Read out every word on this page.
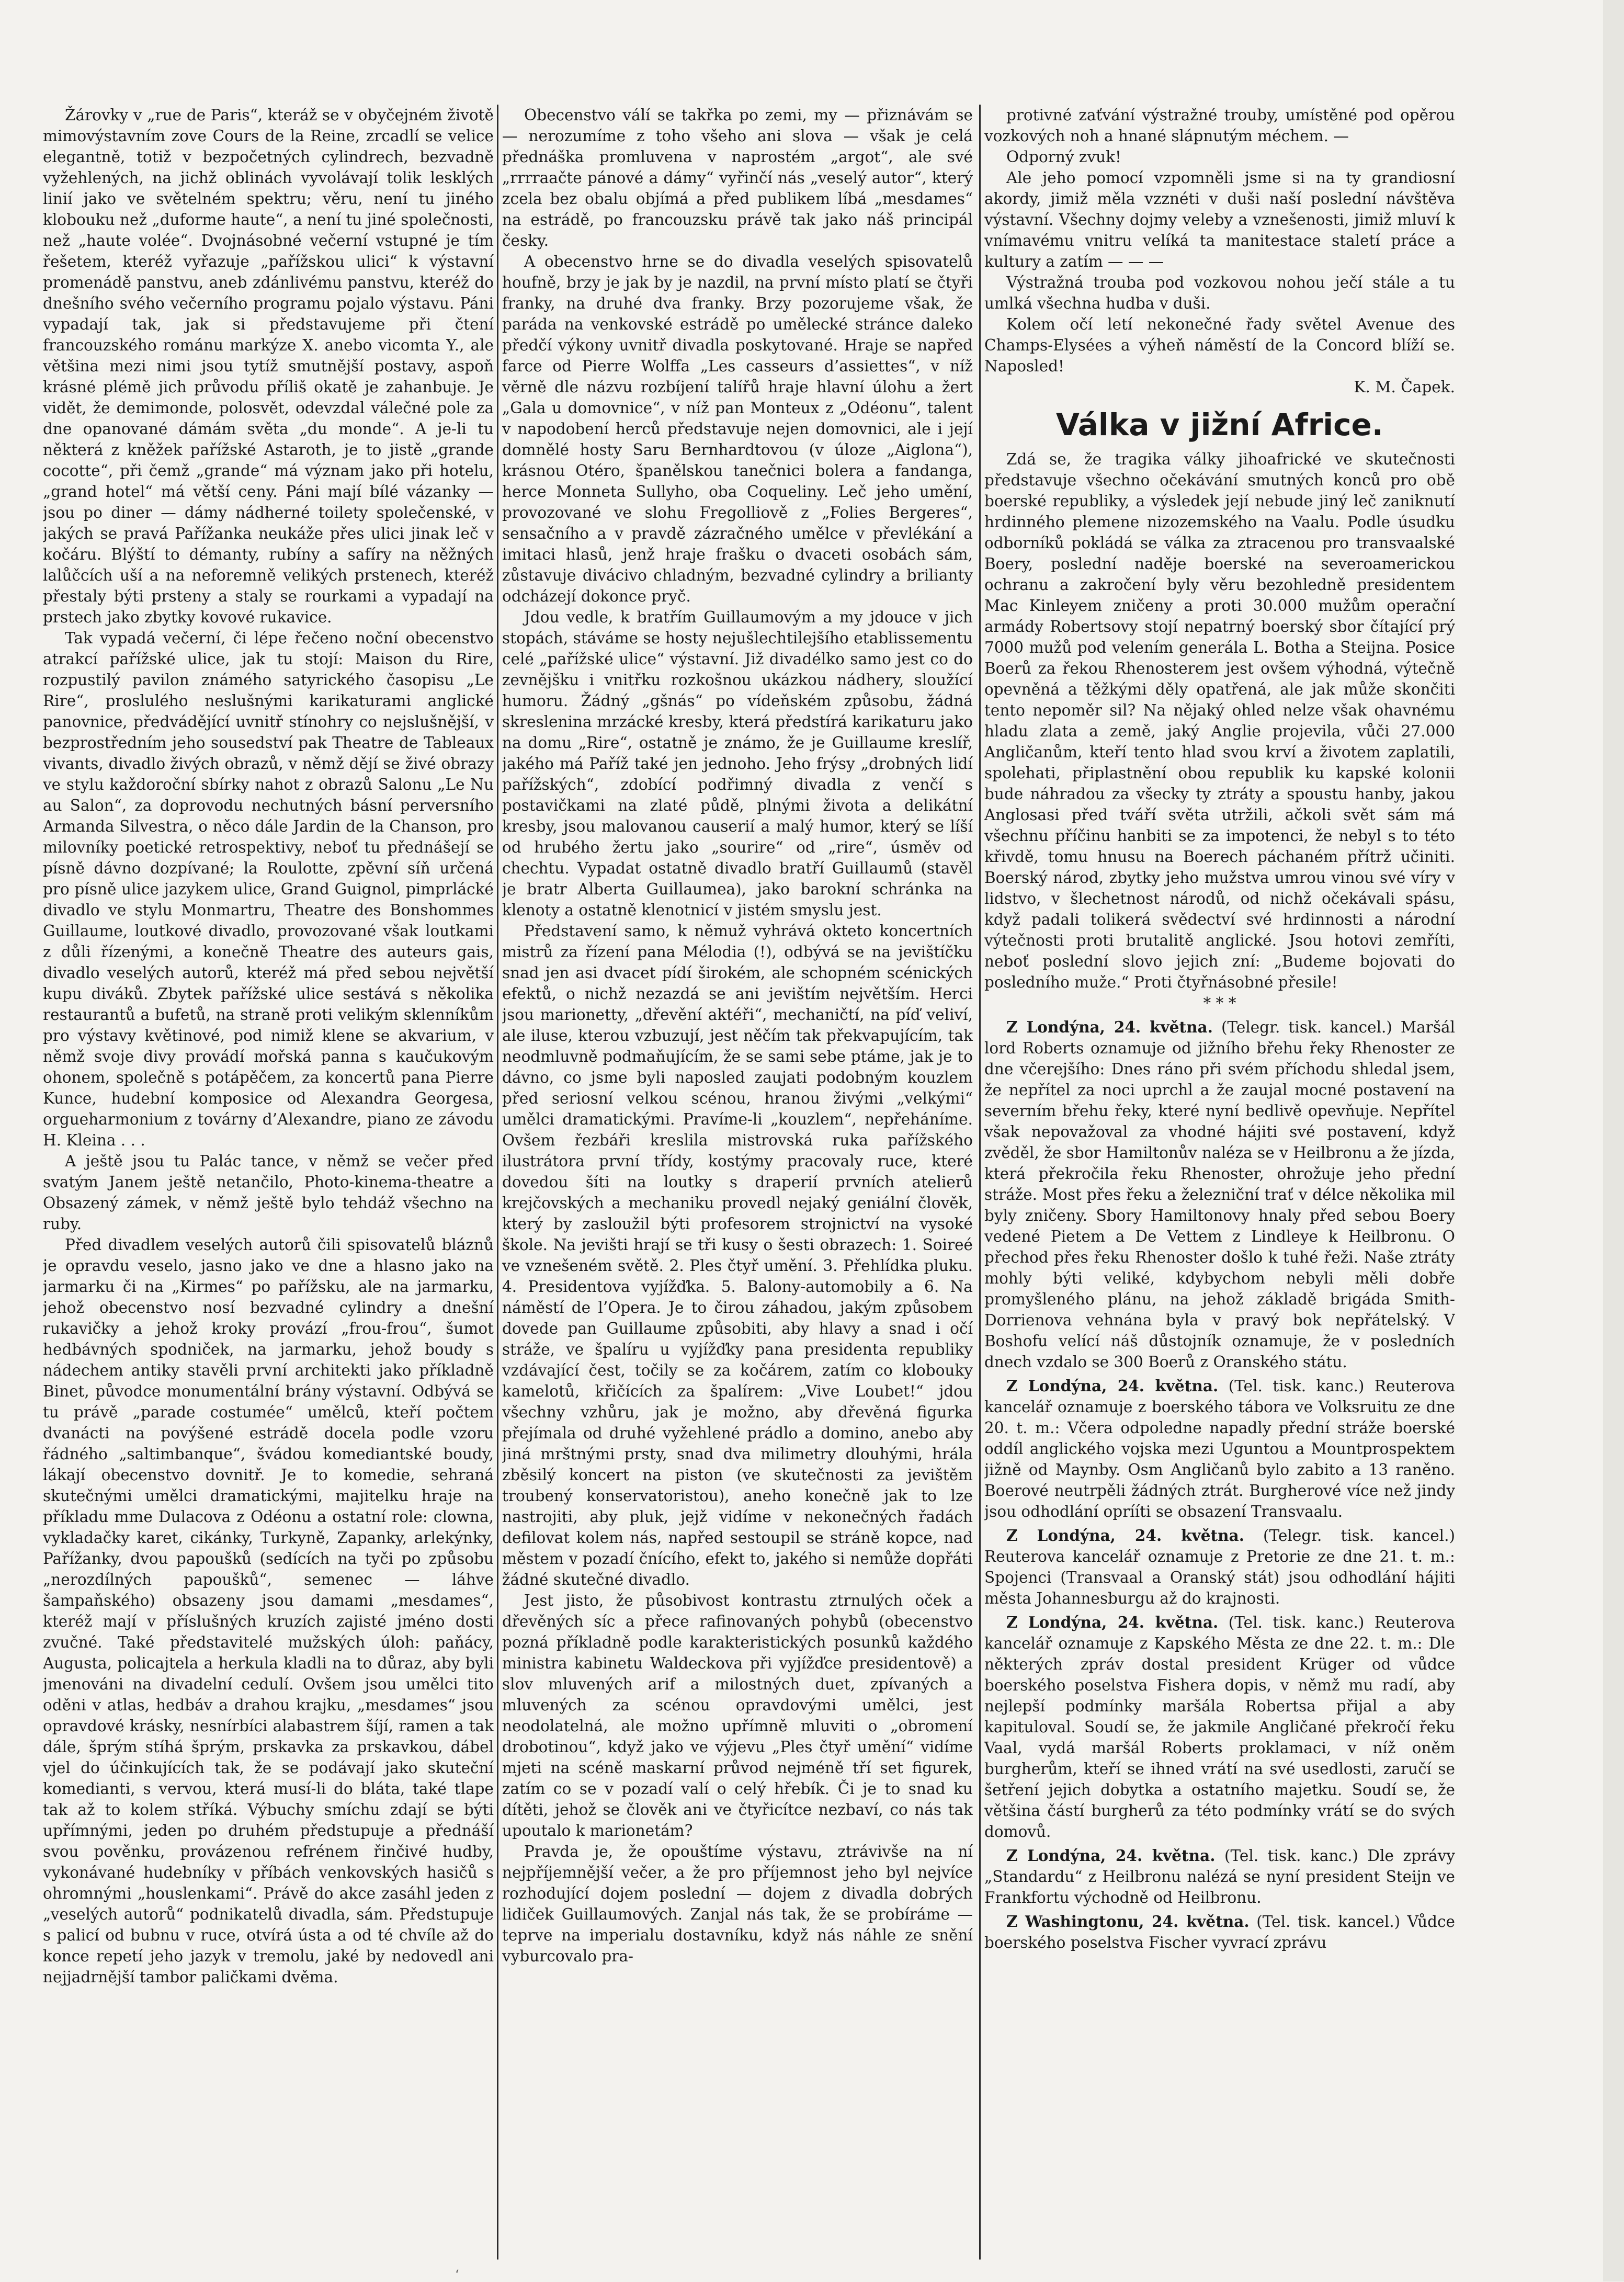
Žárovky v „rue de Paris“, kteráž se v obyčejném životě mimovýstavním zove Cours de la Reine, zrcadlí se velice elegantně, totiž v bezpočetných cylindrech, bezvadně vyžehlených, na jichž oblinách vyvolávají tolik lesklých linií jako ve světelném spektru; věru, není tu jiného klobouku než „duforme haute“, a není tu jiné společnosti, než „haute volée“. Dvojnásobné večerní vstupné je tím řešetem, kteréž vyřazuje „pařížskou ulici“ k výstavní promenádě panstvu, aneb zdánlivému panstvu, kteréž do dnešního svého večerního programu pojalo výstavu. Páni vypadají tak, jak si představujeme při čtení francouzského románu markýze X. anebo vicomta Y., ale většina mezi nimi jsou tytíž smutnější postavy, aspoň krásné plémě jich průvodu příliš okatě je zahanbuje. Je vidět, že demimonde, polosvět, odevzdal válečné pole za dne opanované dámám světa „du monde“. A je-li tu některá z kněžek pařížské Astaroth, je to jistě „grande cocotte“, při čemž „grande“ má význam jako při hotelu, „grand hotel“ má větší ceny. Páni mají bílé vázanky — jsou po diner — dámy nádherné toilety společenské, v jakých se pravá Pařížanka neukáže přes ulici jinak leč v kočáru. Blýští to démanty, rubíny a safíry na něžných lalůčcích uší a na neforemně velikých prstenech, kteréž přestaly býti prsteny a staly se rourkami a vypadají na prstech jako zbytky kovové rukavice.

Tak vypadá večerní, či lépe řečeno noční obecenstvo atrakcí pařížské ulice, jak tu stojí: Maison du Rire, rozpustilý pavilon známého satyrického časopisu „Le Rire“, proslulého neslušnými karikaturami anglické panovnice, předvádějící uvnitř stínohry co nejslušnější, v bezprostředním jeho sousedství pak Theatre de Tableaux vivants, divadlo živých obrazů, v němž dějí se živé obrazy ve stylu každoroční sbírky nahot z obrazů Salonu „Le Nu au Salon“, za doprovodu nechutných básní perversního Armanda Silvestra, o něco dále Jardin de la Chanson, pro milovníky poetické retrospektivy, neboť tu přednášejí se písně dávno dozpívané; la Roulotte, zpěvní síň určená pro písně ulice jazykem ulice, Grand Guignol, pimprlácké divadlo ve stylu Monmartru, Theatre des Bonshommes Guillaume, loutkové divadlo, provozované však loutkami z důli řízenými, a konečně Theatre des auteurs gais, divadlo veselých autorů, kteréž má před sebou největší kupu diváků. Zbytek pařížské ulice sestává s několika restaurantů a bufetů, na straně proti velikým sklenníkům pro výstavy květinové, pod nimiž klene se akvarium, v němž svoje divy provádí mořská panna s kaučukovým ohonem, společně s potápěčem, za koncertů pana Pierre Kunce, hudební komposice od Alexandra Georgesa, orgueharmonium z továrny d’Alexandre, piano ze závodu H. Kleina . . .

A ještě jsou tu Palác tance, v němž se večer před svatým Janem ještě netančilo, Photo-kinema-theatre a Obsazený zámek, v němž ještě bylo tehdáž všechno na ruby.

Před divadlem veselých autorů čili spisovatelů bláznů je opravdu veselo, jasno jako ve dne a hlasno jako na jarmarku či na „Kirmes“ po pařížsku, ale na jarmarku, jehož obecenstvo nosí bezvadné cylindry a dnešní rukavičky a jehož kroky provází „frou-frou“, šumot hedbávných spodniček, na jarmarku, jehož boudy s nádechem antiky stavěli první architekti jako příkladně Binet, původce monumentální brány výstavní. Odbývá se tu právě „parade costumée“ umělců, kteří počtem dvanácti na povýšené estrádě docela podle vzoru řádného „saltimbanque“, švádou komediantské boudy, lákají obecenstvo dovnitř. Je to komedie, sehraná skutečnými umělci dramatickými, majitelku hraje na příkladu mme Dulacova z Odéonu a ostatní role: clowna, vykladačky karet, cikánky, Turkyně, Zapanky, arlekýnky, Pařížanky, dvou papoušků (sedících na tyči po způsobu „nerozdílných papoušků“, semenec — láhve šampaňského) obsazeny jsou damami „mesdames“, kteréž mají v příslušných kruzích zajisté jméno dosti zvučné. Také představitelé mužských úloh: paňácy, Augusta, policajtela a herkula kladli na to důraz, aby byli jmenováni na divadelní cedulí. Ovšem jsou umělci tito oděni v atlas, hedbáv a drahou krajku, „mesdames“ jsou opravdové krásky, nesnírbíci alabastrem šíjí, ramen a tak dále, šprým stíhá šprým, prskavka za prskavkou, dábel vjel do účinkujících tak, že se podávají jako skuteční komedianti, s vervou, která musí-li do bláta, také tlape tak až to kolem stříká. Výbuchy smíchu zdají se býti upřímnými, jeden po druhém předstupuje a přednáší svou pověnku, provázenou refrénem řinčivé hudby, vykonávané hudebníky v příbách venkovských hasičů s ohromnými „houslenkami“. Právě do akce zasáhl jeden z „veselých autorů“ podnikatelů divadla, sám. Předstupuje s palicí od bubnu v ruce, otvírá ústa a od té chvíle až do konce repetí jeho jazyk v tremolu, jaké by nedovedl ani nejjadrnější tambor paličkami dvěma.

Obecenstvo válí se takřka po zemi, my — přiznávám se — nerozumíme z toho všeho ani slova — však je celá přednáška promluvena v naprostém „argot“, ale své „rrrraačte pánové a dámy“ vyřinčí nás „veselý autor“, který zcela bez obalu objímá a před publikem líbá „mesdames“ na estrádě, po francouzsku právě tak jako náš principál česky.

A obecenstvo hrne se do divadla veselých spisovatelů houfně, brzy je jak by je nazdil, na první místo platí se čtyři franky, na druhé dva franky. Brzy pozorujeme však, že paráda na venkovské estrádě po umělecké stránce daleko předčí výkony uvnitř divadla poskytované. Hraje se napřed farce od Pierre Wolffa „Les casseurs d’assiettes“, v níž věrně dle názvu rozbíjení talířů hraje hlavní úlohu a žert „Gala u domovnice“, v níž pan Monteux z „Odéonu“, talent v napodobení herců představuje nejen domovnici, ale i její domnělé hosty Saru Bernhardtovou (v úloze „Aiglona“), krásnou Otéro, španělskou tanečnici bolera a fandanga, herce Monneta Sullyho, oba Coqueliny. Leč jeho umění, provozované ve slohu Fregolliově z „Folies Bergeres“, sensačního a v pravdě zázračného umělce v převlékání a imitaci hlasů, jenž hraje frašku o dvaceti osobách sám, zůstavuje divácivo chladným, bezvadné cylindry a brilianty odcházejí dokonce pryč.

Jdou vedle, k bratřím Guillaumovým a my jdouce v jich stopách, stáváme se hosty nejušlechtilejšího etablissementu celé „pařížské ulice“ výstavní. Již divadélko samo jest co do zevnějšku i vnitřku rozkošnou ukázkou nádhery, sloužící humoru. Žádný „gšnás“ po vídeňském způsobu, žádná skreslenina mrzácké kresby, která předstírá karikaturu jako na domu „Rire“, ostatně je známo, že je Guillaume kreslíř, jakého má Paříž také jen jednoho. Jeho frýsy „drobných lidí pařížských“, zdobící podřimný divadla z venčí s postavičkami na zlaté půdě, plnými života a delikátní kresby, jsou malovanou causerií a malý humor, který se líší od hrubého žertu jako „sourire“ od „rire“, úsměv od chechtu. Vypadat ostatně divadlo bratří Guillaumů (stavěl je bratr Alberta Guillaumea), jako barokní schránka na klenoty a ostatně klenotnicí v jistém smyslu jest.

Představení samo, k němuž vyhrává okteto koncertních mistrů za řízení pana Mélodia (!), odbývá se na jevištíčku snad jen asi dvacet pídí širokém, ale schopném scénických efektů, o nichž nezazdá se ani jevištím největším. Herci jsou marionetty, „dřevění aktéři“, mechaničtí, na píď veliví, ale iluse, kterou vzbuzují, jest něčím tak překvapujícím, tak neodmluvně podmaňujícím, že se sami sebe ptáme, jak je to dávno, co jsme byli naposled zaujati podobným kouzlem před seriosní velkou scénou, hranou živými „velkými“ umělci dramatickými. Pravíme-li „kouzlem“, nepřeháníme. Ovšem řezbáři kreslila mistrovská ruka pařížského ilustrátora první třídy, kostýmy pracovaly ruce, které dovedou šíti na loutky s draperií prvních atelierů krejčovských a mechaniku provedl nejaký geniální člověk, který by zasloužil býti profesorem strojnictví na vysoké škole. Na jevišti hrají se tři kusy o šesti obrazech: 1. Soireé ve vznešeném světě. 2. Ples čtyř umění. 3. Přehlídka pluku. 4. Presidentova vyjížďka. 5. Balony-automobily a 6. Na náměstí de l’Opera. Je to čirou záhadou, jakým způsobem dovede pan Guillaume způsobiti, aby hlavy a snad i očí stráže, ve špalíru u vyjížďky pana presidenta republiky vzdávající čest, točily se za kočárem, zatím co klobouky kamelotů, křičících za špalírem: „Vive Loubet!“ jdou všechny vzhůru, jak je možno, aby dřevěná figurka přejímala od druhé vyžehlené prádlo a domino, anebo aby jiná mrštnými prsty, snad dva milimetry dlouhými, hrála zběsilý koncert na piston (ve skutečnosti za jevištěm troubený konservatoristou), aneho konečně jak to lze nastrojiti, aby pluk, jejž vidíme v nekonečných řadách defilovat kolem nás, napřed sestoupil se stráně kopce, nad městem v pozadí čnícího, efekt to, jakého si nemůže dopřáti žádné skutečné divadlo.

Jest jisto, že působivost kontrastu ztrnulých oček a dřevěných síc a přece rafinovaných pohybů (obecenstvo pozná příkladně podle karakteristických posunků každého ministra kabinetu Waldeckova při vyjížďce presidentově) a slov mluvených arif a milostných duet, zpívaných a mluvených za scénou opravdovými umělci, jest neodolatelná, ale možno upřímně mluviti o „obromení drobotinou“, když jako ve výjevu „Ples čtyř umění“ vidíme mjeti na scéně maskarní průvod nejméně tří set figurek, zatím co se v pozadí valí o celý hřebík. Či je to snad ku dítěti, jehož se člověk ani ve čtyřicítce nezbaví, co nás tak upoutalo k marionetám?

Pravda je, že opouštíme výstavu, ztrávivše na ní nejpříjemnější večer, a že pro příjemnost jeho byl nejvíce rozhodující dojem poslední — dojem z divadla dobrých lidiček Guillaumových. Zanjal nás tak, že se probíráme — teprve na imperialu dostavníku, když nás náhle ze snění vyburcovalo pra-

protivné zaťvání výstražné trouby, umístěné pod opěrou vozkových noh a hnané slápnutým méchem. —

Odporný zvuk!

Ale jeho pomocí vzpomněli jsme si na ty grandiosní akordy, jimiž měla vzznéti v duši naší poslední návštěva výstavní. Všechny dojmy veleby a vznešenosti, jimiž mluví k vnímavému vnitru velíká ta manitestace staletí práce a kultury a zatím — — —

Výstražná trouba pod vozkovou nohou ječí stále a tu umlká všechna hudba v duši.

Kolem očí letí nekonečné řady světel Avenue des Champs-Elysées a výheň náměstí de la Concord blíží se. Naposled!

K. M. Čapek.

Válka v jižní Africe.

Zdá se, že tragika války jihoafrické ve skutečnosti představuje všechno očekávání smutných konců pro obě boerské republiky, a výsledek její nebude jiný leč zaniknutí hrdinného plemene nizozemského na Vaalu. Podle úsudku odborníků pokládá se válka za ztracenou pro transvaalské Boery, poslední naděje boerské na severoamerickou ochranu a zakročení byly věru bezohledně presidentem Mac Kinleyem zničeny a proti 30.000 mužům operační armády Robertsovy stojí nepatrný boerský sbor čítající prý 7000 mužů pod velením generála L. Botha a Steijna. Posice Boerů za řekou Rhenosterem jest ovšem výhodná, výtečně opevněná a těžkými děly opatřená, ale jak může skončiti tento nepoměr sil? Na nějaký ohled nelze však ohavnému hladu zlata a země, jaký Anglie projevila, vůči 27.000 Angličanům, kteří tento hlad svou krví a životem zaplatili, spolehati, připlastnění obou republik ku kapské kolonii bude náhradou za všecky ty ztráty a spoustu hanby, jakou Anglosasi před tváří světa utržili, ačkoli svět sám má všechnu příčinu hanbiti se za impotenci, že nebyl s to této křivdě, tomu hnusu na Boerech páchaném přítrž učiniti. Boerský národ, zbytky jeho mužstva umrou vinou své víry v lidstvo, v šlechetnost národů, od nichž očekávali spásu, když padali tolikerá svědectví své hrdinnosti a národní výtečnosti proti brutalitě anglické. Jsou hotovi zemříti, neboť poslední slovo jejich zní: „Budeme bojovati do posledního muže.“ Proti čtyřnásobné přesile!

* * *

Z Londýna, 24. května. (Telegr. tisk. kancel.) Maršál lord Roberts oznamuje od jižního břehu řeky Rhenoster ze dne včerejšího: Dnes ráno při svém příchodu shledal jsem, že nepřítel za noci uprchl a že zaujal mocné postavení na severním břehu řeky, které nyní bedlivě opevňuje. Nepřítel však nepovažoval za vhodné hájiti své postavení, když zvěděl, že sbor Hamiltonův naléza se v Heilbronu a že jízda, která překročila řeku Rhenoster, ohrožuje jeho přední stráže. Most přes řeku a železniční trať v délce několika mil byly zničeny. Sbory Hamiltonovy hnaly před sebou Boery vedené Pietem a De Vettem z Lindleye k Heilbronu. O přechod přes řeku Rhenoster došlo k tuhé řeži. Naše ztráty mohly býti veliké, kdybychom nebyli měli dobře promyšleného plánu, na jehož základě brigáda Smith-Dorrienova vehnána byla v pravý bok nepřátelský. V Boshofu velící náš důstojník oznamuje, že v posledních dnech vzdalo se 300 Boerů z Oranského státu.

Z Londýna, 24. května. (Tel. tisk. kanc.) Reuterova kancelář oznamuje z boerského tábora ve Volksruitu ze dne 20. t. m.: Včera odpoledne napadly přední stráže boerské oddíl anglického vojska mezi Uguntou a Mountprospektem jižně od Maynby. Osm Angličanů bylo zabito a 13 raněno. Boerové neutrpěli žádných ztrát. Burgherové více než jindy jsou odhodlání oprííti se obsazení Transvaalu.

Z Londýna, 24. května. (Telegr. tisk. kancel.) Reuterova kancelář oznamuje z Pretorie ze dne 21. t. m.: Spojenci (Transvaal a Oranský stát) jsou odhodlání hájiti města Johannesburgu až do krajnosti.

Z Londýna, 24. května. (Tel. tisk. kanc.) Reuterova kancelář oznamuje z Kapského Města ze dne 22. t. m.: Dle některých zpráv dostal president Krüger od vůdce boerského poselstva Fishera dopis, v němž mu radí, aby nejlepší podmínky maršála Robertsa přijal a aby kapituloval. Soudí se, že jakmile Angličané překročí řeku Vaal, vydá maršál Roberts proklamaci, v níž oněm burgherům, kteří se ihned vrátí na své usedlosti, zaručí se šetření jejich dobytka a ostatního majetku. Soudí se, že většina částí burgherů za této podmínky vrátí se do svých domovů.

Z Londýna, 24. května. (Tel. tisk. kanc.) Dle zprávy „Standardu“ z Heilbronu nalézá se nyní president Steijn ve Frankfortu východně od Heilbronu.

Z Washingtonu, 24. května. (Tel. tisk. kancel.) Vůdce boerského poselstva Fischer vyvrací zprávu

‘
